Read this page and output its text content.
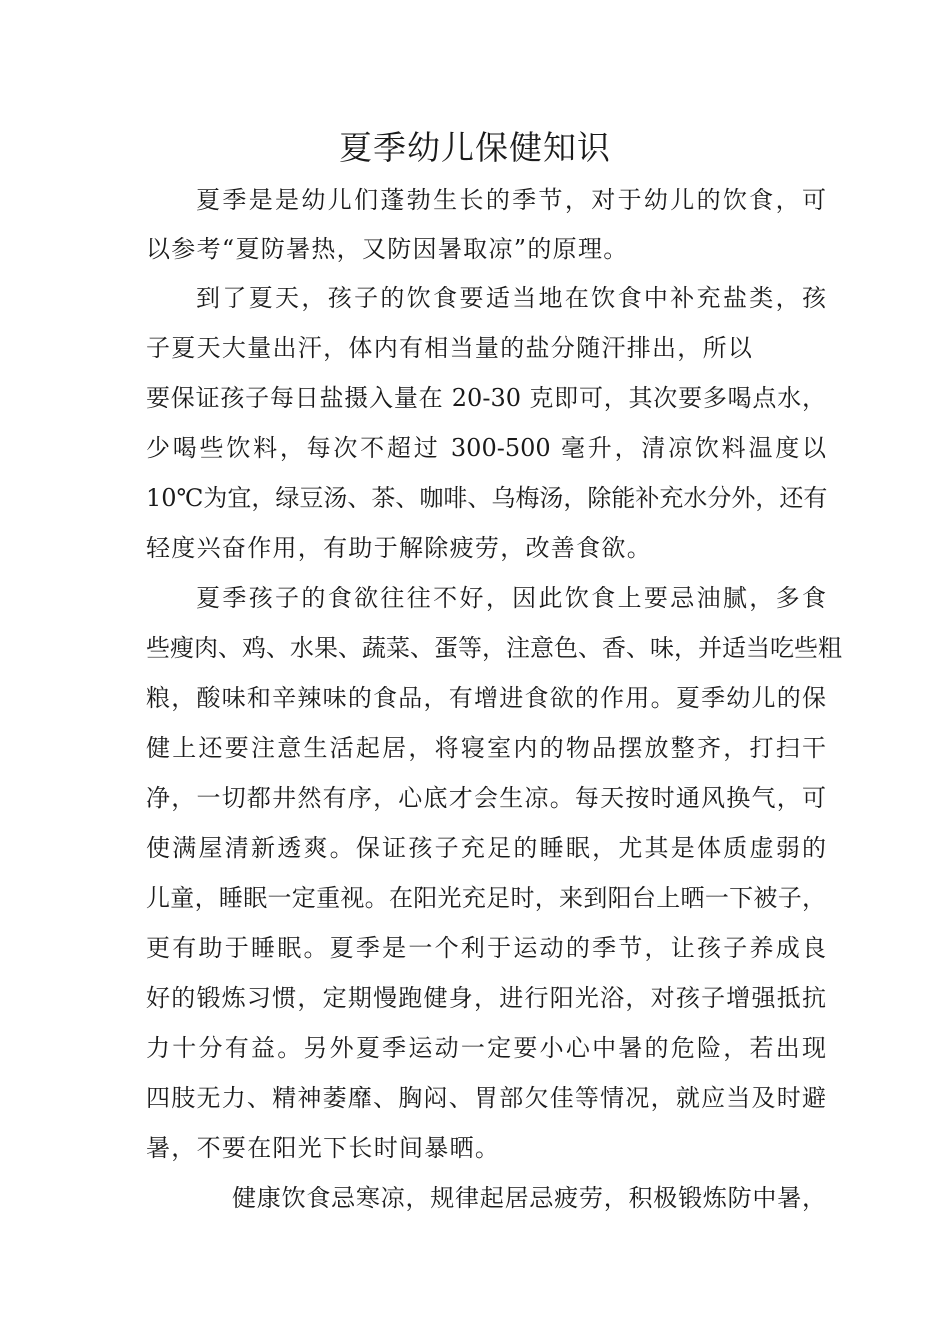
夏季幼儿保健知识
夏季是是幼儿们蓬勃生长的季节，对于幼儿的饮食，可
以参考“夏防暑热，又防因暑取凉”的原理。
到了夏天，孩子的饮食要适当地在饮食中补充盐类，孩
子夏天大量出汗，体内有相当量的盐分随汗排出，所以
要保证孩子每日盐摄入量在 20-30 克即可，其次要多喝点水，
少喝些饮料，每次不超过 300-500 毫升，清凉饮料温度以
10℃为宜，绿豆汤、茶、咖啡、乌梅汤，除能补充水分外，还有
轻度兴奋作用，有助于解除疲劳，改善食欲。
夏季孩子的食欲往往不好，因此饮食上要忌油腻，多食
些瘦肉、鸡、水果、蔬菜、蛋等，注意色、香、味，并适当吃些粗
粮，酸味和辛辣味的食品，有增进食欲的作用。夏季幼儿的保
健上还要注意生活起居，将寝室内的物品摆放整齐，打扫干
净，一切都井然有序，心底才会生凉。每天按时通风换气，可
使满屋清新透爽。保证孩子充足的睡眠，尤其是体质虚弱的
儿童，睡眠一定重视。在阳光充足时，来到阳台上晒一下被子，
更有助于睡眠。夏季是一个利于运动的季节，让孩子养成良
好的锻炼习惯，定期慢跑健身，进行阳光浴，对孩子增强抵抗
力十分有益。另外夏季运动一定要小心中暑的危险，若出现
四肢无力、精神萎靡、胸闷、胃部欠佳等情况，就应当及时避
暑，不要在阳光下长时间暴晒。
健康饮食忌寒凉，规律起居忌疲劳，积极锻炼防中暑，
